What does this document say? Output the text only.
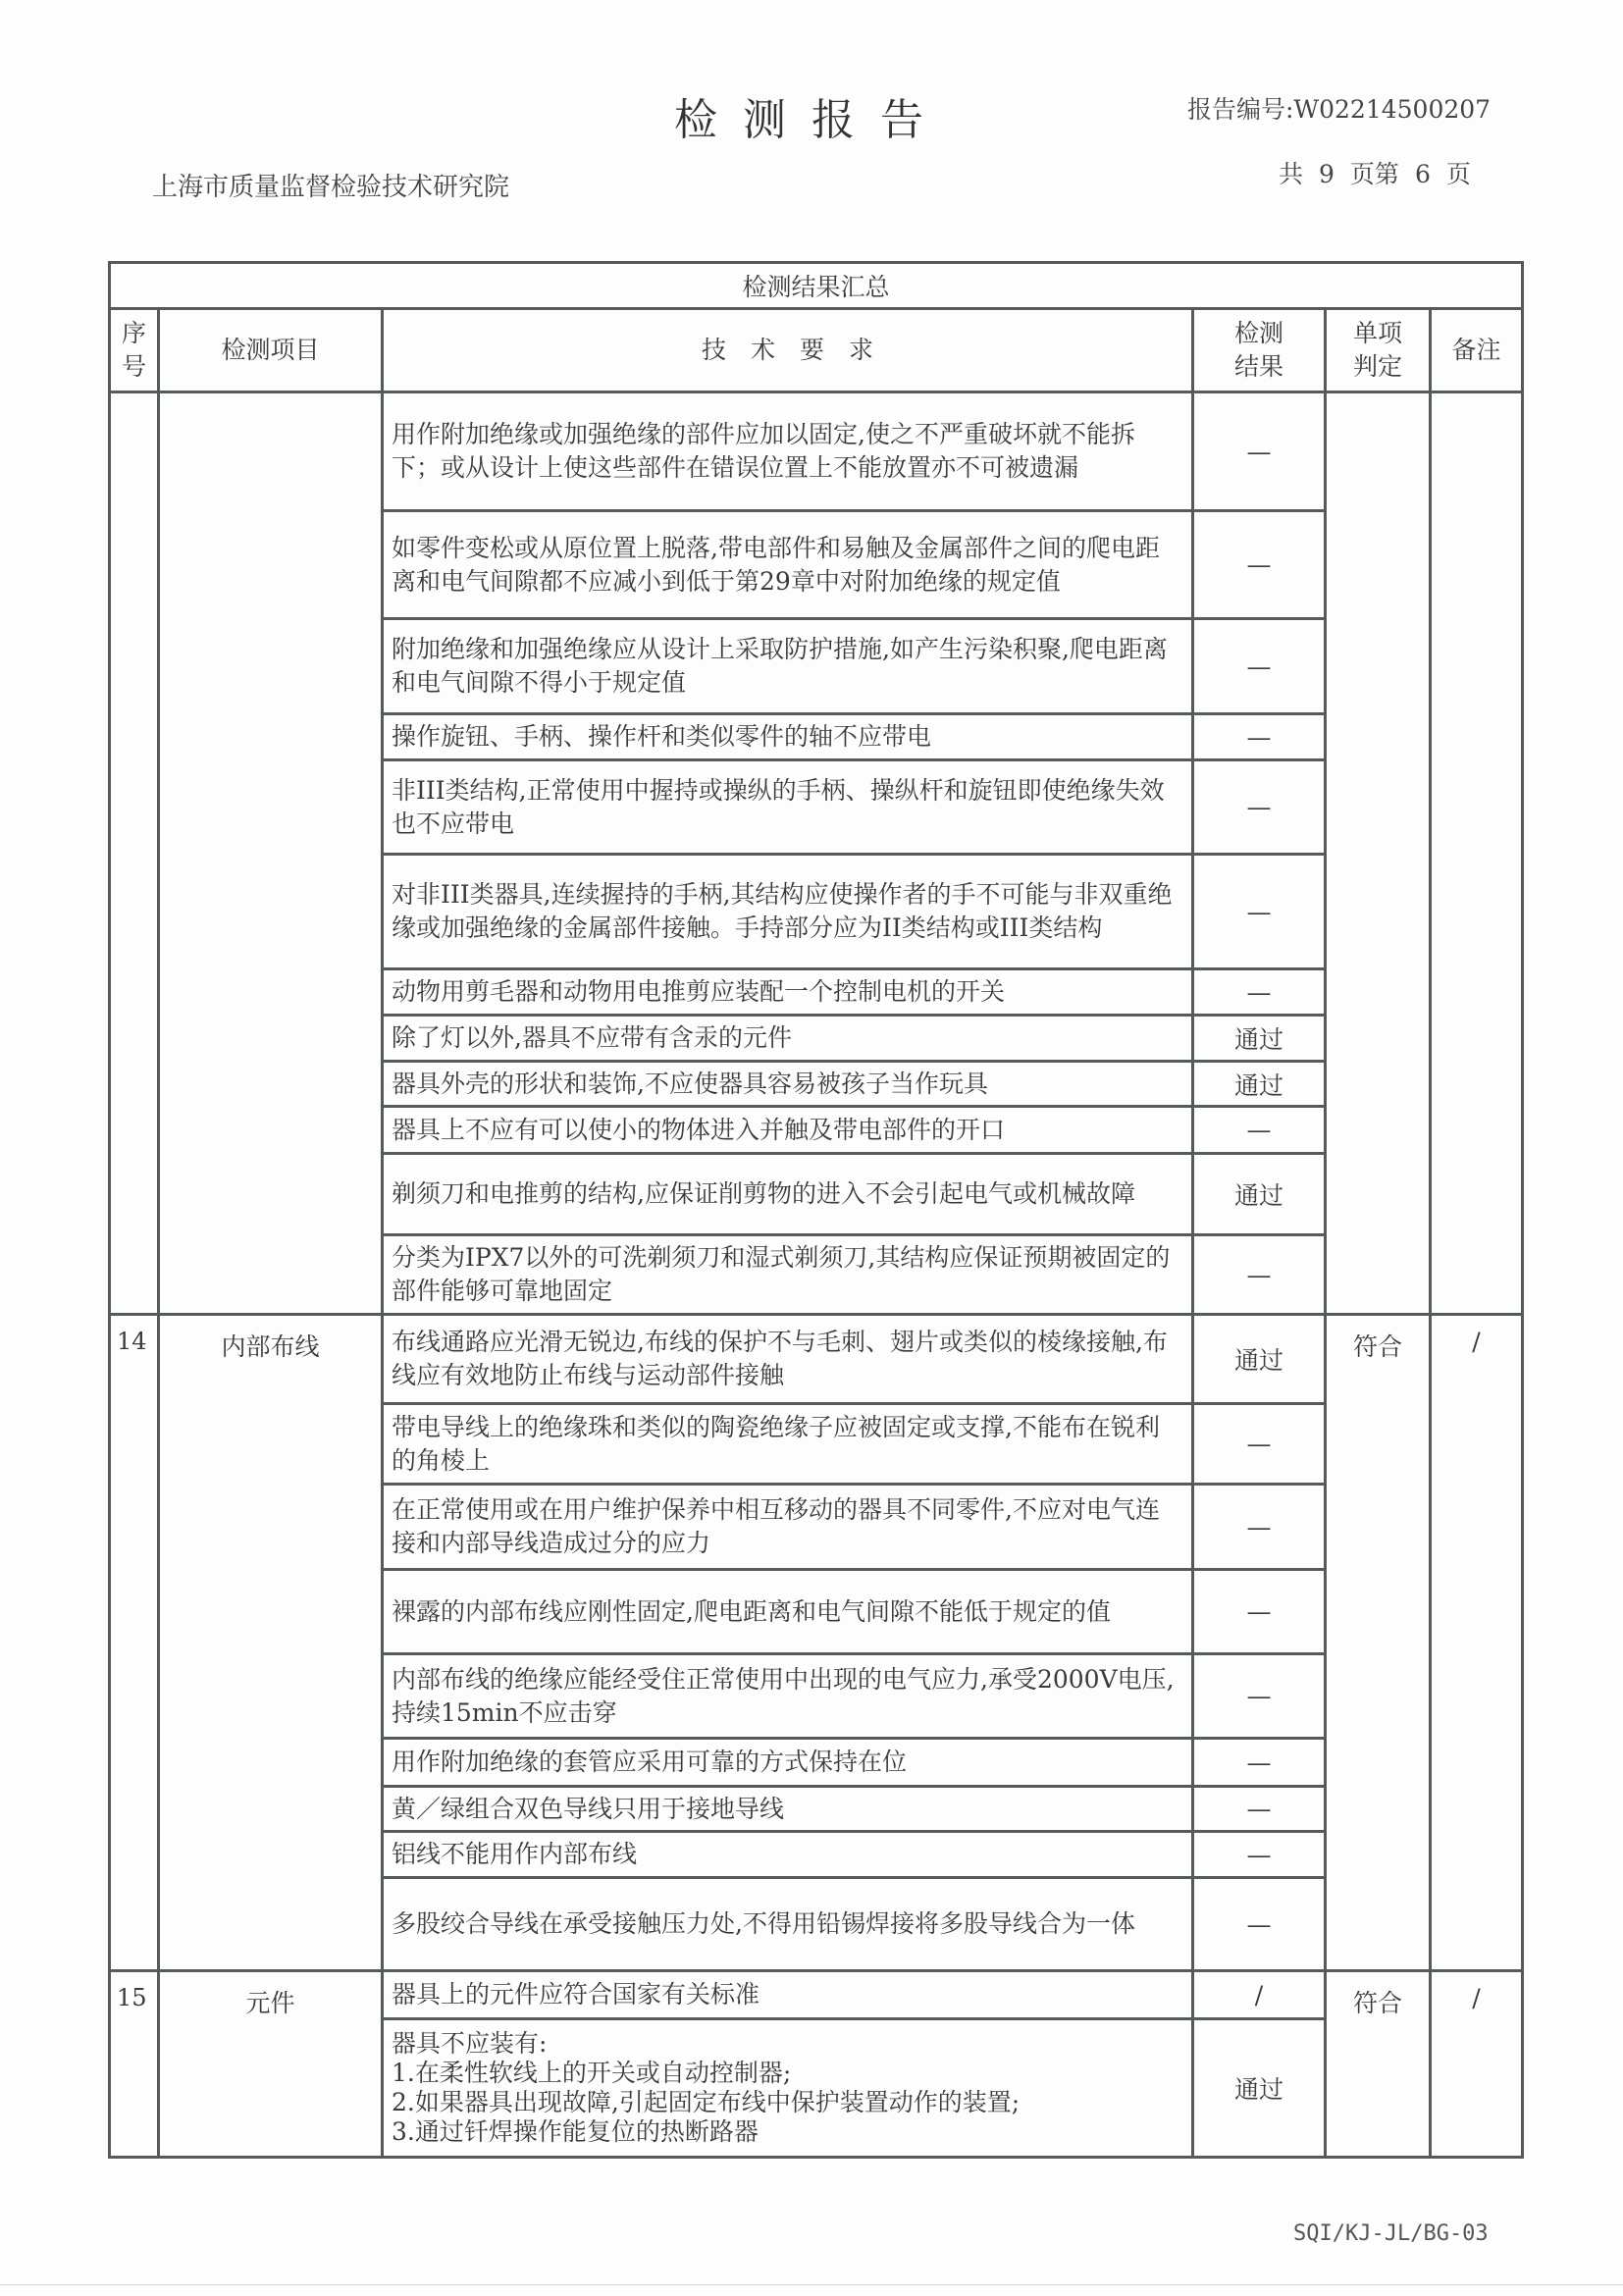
检测报告	报告编号:W02214500207
上海市质量监督检验技术研究院	共 9 页第 6 页
检测结果汇总					
序号	检测项目	技　术　要　求	检测结果	单项判定	备注
		用作附加绝缘或加强绝缘的部件应加以固定,使之不严重破坏就不能拆下；或从设计上使这些部件在错误位置上不能放置亦不可被遗漏	—		
		如零件变松或从原位置上脱落,带电部件和易触及金属部件之间的爬电距离和电气间隙都不应减小到低于第29章中对附加绝缘的规定值	—		
		附加绝缘和加强绝缘应从设计上采取防护措施,如产生污染积聚,爬电距离和电气间隙不得小于规定值	—		
		操作旋钮、手柄、操作杆和类似零件的轴不应带电	—		
		非III类结构,正常使用中握持或操纵的手柄、操纵杆和旋钮即使绝缘失效也不应带电	—		
		对非III类器具,连续握持的手柄,其结构应使操作者的手不可能与非双重绝缘或加强绝缘的金属部件接触。手持部分应为II类结构或III类结构	—		
		动物用剪毛器和动物用电推剪应装配一个控制电机的开关	—		
		除了灯以外,器具不应带有含汞的元件	通过		
		器具外壳的形状和装饰,不应使器具容易被孩子当作玩具	通过		
		器具上不应有可以使小的物体进入并触及带电部件的开口	—		
		剃须刀和电推剪的结构,应保证削剪物的进入不会引起电气或机械故障	通过		
		分类为IPX7以外的可洗剃须刀和湿式剃须刀,其结构应保证预期被固定的部件能够可靠地固定	—		
14	内部布线	布线通路应光滑无锐边,布线的保护不与毛刺、翅片或类似的棱缘接触,布线应有效地防止布线与运动部件接触	通过	符合	/
		带电导线上的绝缘珠和类似的陶瓷绝缘子应被固定或支撑,不能布在锐利的角棱上	—		
		在正常使用或在用户维护保养中相互移动的器具不同零件,不应对电气连接和内部导线造成过分的应力	—		
		裸露的内部布线应刚性固定,爬电距离和电气间隙不能低于规定的值	—		
		内部布线的绝缘应能经受住正常使用中出现的电气应力,承受2000V电压,持续15min不应击穿	—		
		用作附加绝缘的套管应采用可靠的方式保持在位	—		
		黄／绿组合双色导线只用于接地导线	—		
		铝线不能用作内部布线	—		
		多股绞合导线在承受接触压力处,不得用铅锡焊接将多股导线合为一体	—		
15	元件	器具上的元件应符合国家有关标准	/	符合	/

		器具不应装有:
1.在柔性软线上的开关或自动控制器;
2.如果器具出现故障,引起固定布线中保护装置动作的装置;
3.通过钎焊操作能复位的热断路器	通过		
SQI/KJ-JL/BG-03
